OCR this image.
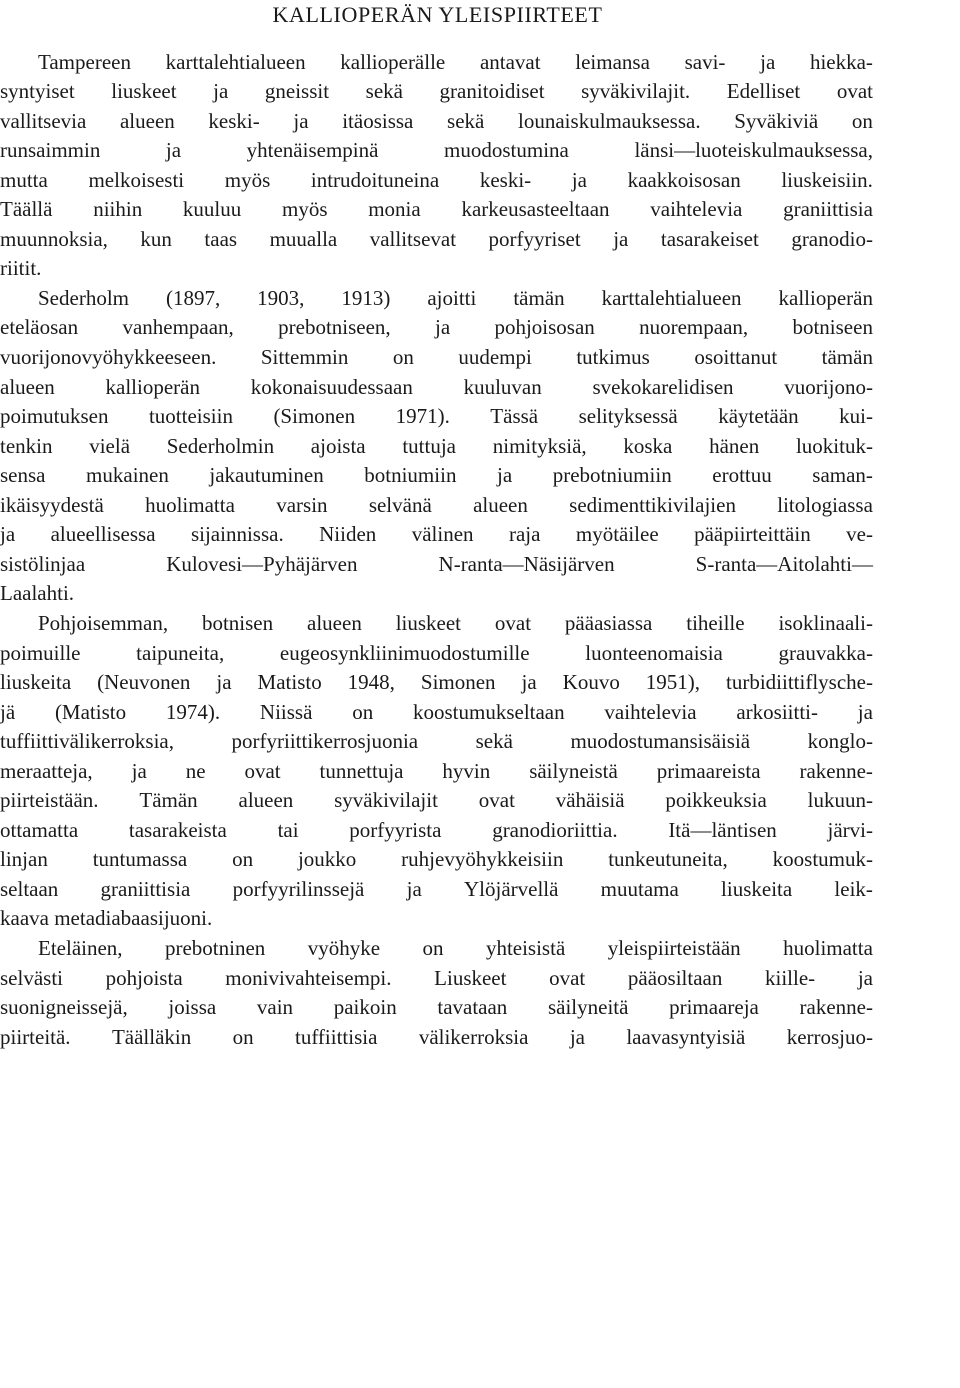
KALLIOPERÄN YLEISPIIRTEET
Tampereen karttalehtialueen kallioperälle antavat leimansa savi- ja hiekka-
syntyiset liuskeet ja gneissit sekä granitoidiset syväkivilajit. Edelliset ovat
vallitsevia alueen keski- ja itäosissa sekä lounaiskulmauksessa. Syväkiviä on
runsaimmin	ja	yhtenäisempinä	muodostumina	länsi—luoteiskulmauksessa,
mutta melkoisesti myös intrudoituneina keski- ja kaakkoisosan liuskeisiin.
Täällä niihin kuuluu myös monia karkeusasteeltaan vaihtelevia graniittisia
muunnoksia, kun taas muualla vallitsevat porfyyriset ja tasarakeiset granodio-
riitit.
Sederholm (1897, 1903, 1913) ajoitti tämän karttalehtialueen kallioperän
eteläosan vanhempaan, prebotniseen, ja pohjoisosan nuorempaan, botniseen
vuorijonovyöhykkeeseen. Sittemmin on uudempi tutkimus osoittanut tämän
alueen kallioperän kokonaisuudessaan kuuluvan svekokarelidisen vuorijono-
poimutuksen tuotteisiin (Simonen 1971). Tässä selityksessä käytetään kui-
tenkin vielä Sederholmin ajoista tuttuja nimityksiä, koska hänen luokituk-
sensa mukainen jakautuminen botniumiin ja prebotniumiin erottuu saman-
ikäisyydestä huolimatta varsin selvänä alueen sedimenttikivilajien litologiassa
ja alueellisessa sijainnissa. Niiden välinen raja myötäilee pääpiirteittäin ve-
sistölinjaa	Kulovesi—Pyhäjärven	N-ranta—Näsijärven	S-ranta—Aitolahti—
Laalahti.
Pohjoisemman, botnisen alueen liuskeet ovat pääasiassa tiheille isoklinaali-
poimuille	taipuneita,	eugeosynkliinimuodostumille	luonteenomaisia	grauvakka-
liuskeita (Neuvonen ja Matisto 1948, Simonen ja Kouvo 1951), turbidiittiflysche-
jä (Matisto 1974). Niissä on koostumukseltaan vaihtelevia arkosiitti- ja
tuffiittivälikerroksia,	porfyriittikerrosjuonia	sekä	muodostumansisäisiä	konglo-
meraatteja, ja ne ovat tunnettuja hyvin säilyneistä primaareista rakenne-
piirteistään. Tämän alueen syväkivilajit ovat vähäisiä poikkeuksia lukuun-
ottamatta tasarakeista tai porfyyrista granodioriittia. Itä—läntisen järvi-
linjan tuntumassa on joukko ruhjevyöhykkeisiin tunkeutuneita, koostumuk-
seltaan graniittisia porfyyrilinssejä ja Ylöjärvellä muutama liuskeita leik-
kaava metadiabaasijuoni.
Eteläinen, prebotninen vyöhyke on yhteisistä yleispiirteistään huolimatta
selvästi pohjoista monivivahteisempi. Liuskeet ovat pääosiltaan kiille- ja
suonigneissejä, joissa vain paikoin tavataan säilyneitä primaareja rakenne-
piirteitä. Täälläkin on tuffiittisia välikerroksia ja laavasyntyisiä kerrosjuo-
